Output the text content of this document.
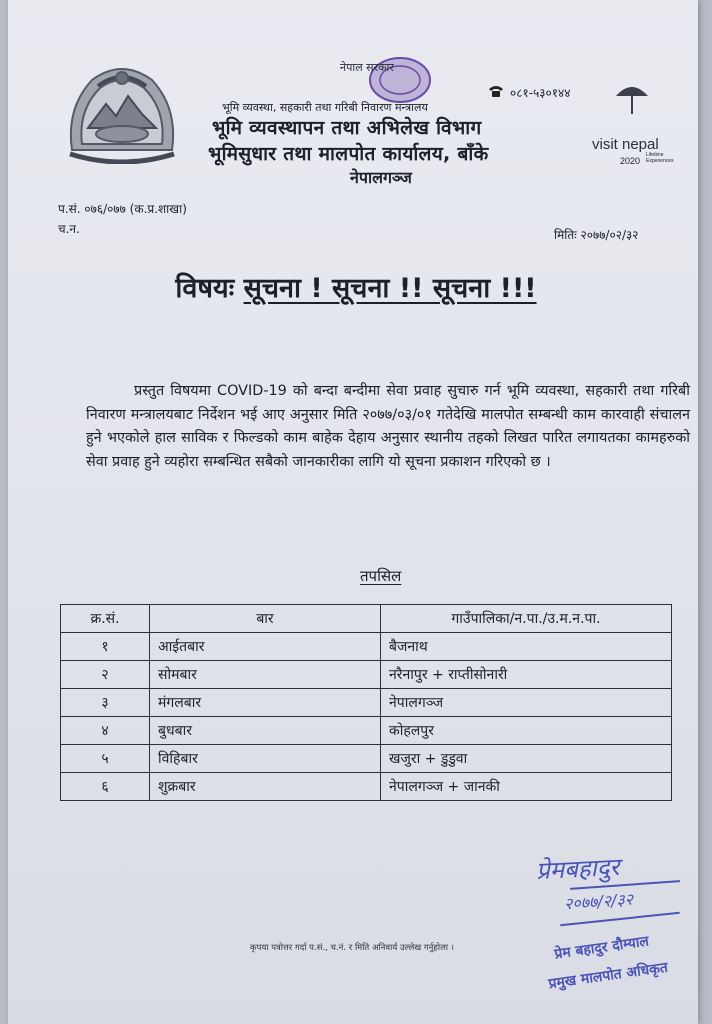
नेपाल सरकार
०८१-५३०१४४
भूमि व्यवस्था, सहकारी तथा गरिबी निवारण मन्त्रालय
भूमि व्यवस्थापन तथा अभिलेख विभाग
भूमिसुधार तथा मालपोत कार्यालय, बाँके
नेपालगञ्ज
visit nepal
2020
Lifetime Experiences
प.सं. ०७६/०७७ (क.प्र.शाखा)
च.न.	मितिः २०७७/०२/३२
विषयः सूचना ! सूचना !! सूचना !!!

प्रस्तुत विषयमा COVID-19 को बन्दा बन्दीमा सेवा प्रवाह सुचारु गर्न भूमि व्यवस्था, सहकारी तथा गरिबी निवारण मन्त्रालयबाट निर्देशन भई आए अनुसार मिति २०७७/०३/०१ गतेदेखि मालपोत सम्बन्धी काम कारवाही संचालन हुने भएकोले हाल साविक र फिल्डको काम बाहेक देहाय अनुसार स्थानीय तहको लिखत पारित लगायतका कामहरुको सेवा प्रवाह हुने व्यहोरा सम्बन्धित सबैको जानकारीका लागि यो सूचना प्रकाशन गरिएको छ ।

तपसिल
क्र.सं.	बार	गाउँपालिका/न.पा./उ.म.न.पा.
१	आईतबार	बैजनाथ
२	सोमबार	नरैनापुर + राप्तीसोनारी
३	मंगलबार	नेपालगञ्ज
४	बुधबार	कोहलपुर
५	विहिबार	खजुरा + डुडुवा
६	शुक्रबार	नेपालगञ्ज + जानकी
कृपया पत्राेत्तर गर्दा प.सं., च.नं. र मिति अनिवार्य उल्लेख गर्नुहोला ।
प्रेमबहादुर
२०७७/२/३२
प्रेम बहादुर दौम्याल
प्रमुख मालपोत अधिकृत
